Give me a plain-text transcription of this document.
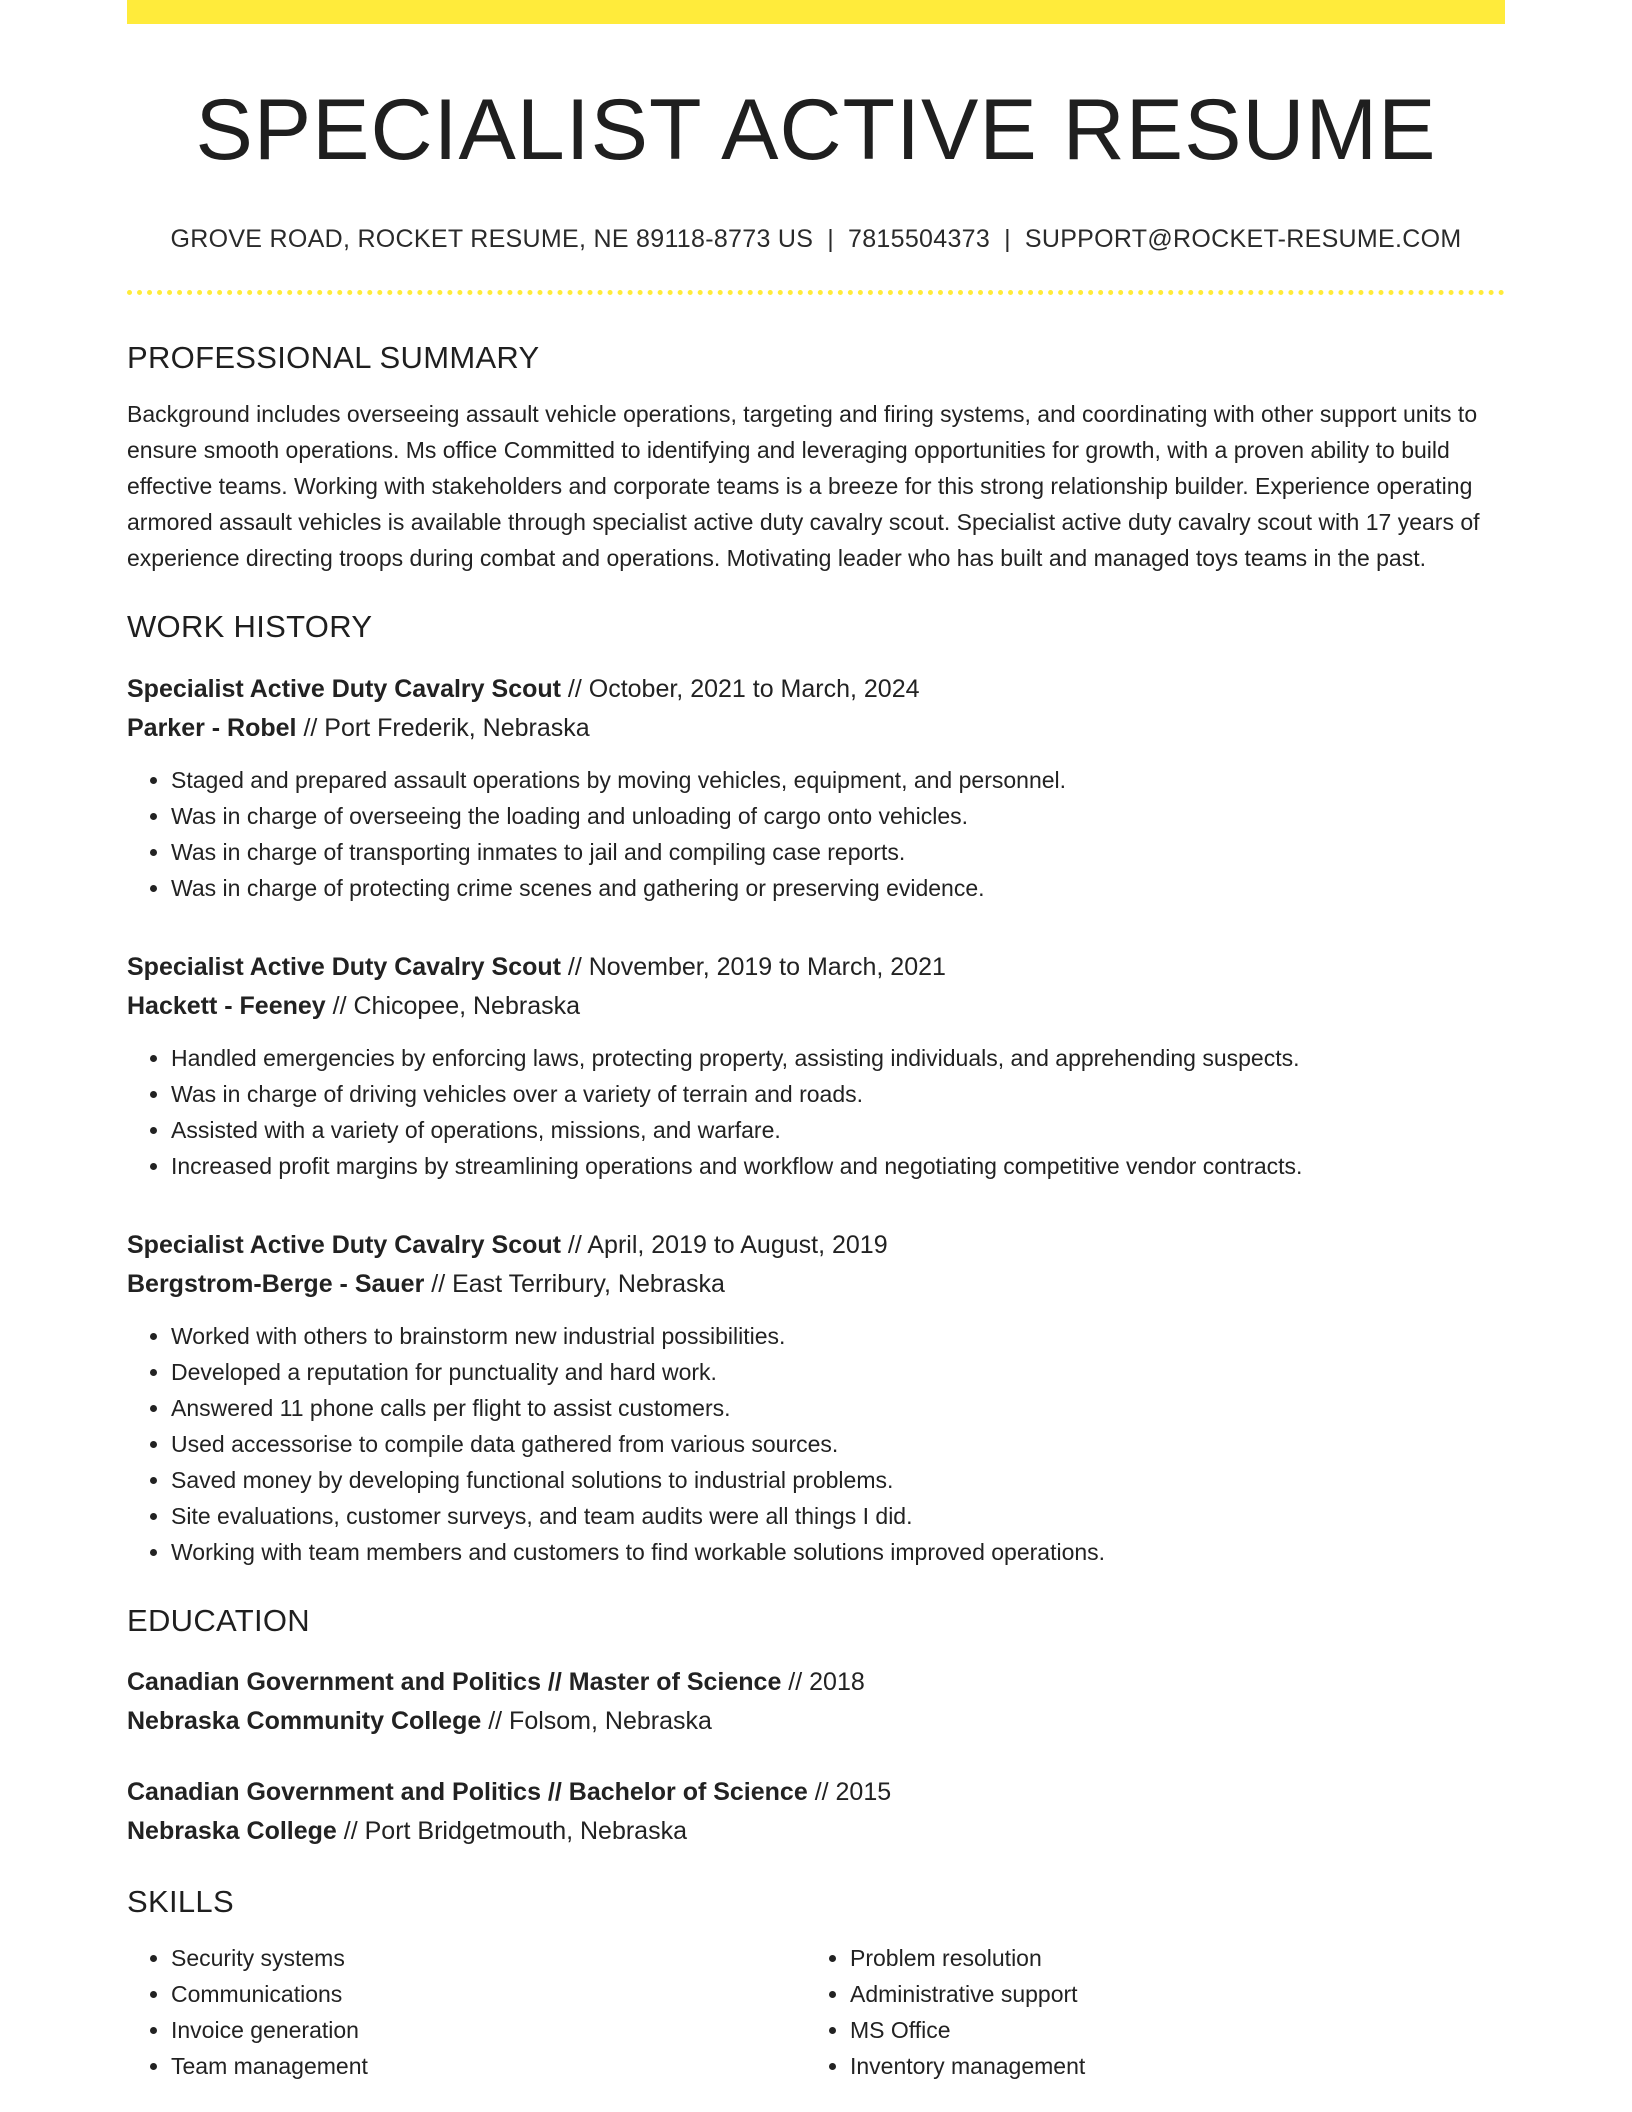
SPECIALIST ACTIVE RESUME
GROVE ROAD, ROCKET RESUME, NE 89118-8773 US | 7815504373 | SUPPORT@ROCKET-RESUME.COM
PROFESSIONAL SUMMARY
Background includes overseeing assault vehicle operations, targeting and firing systems, and coordinating with other support units to ensure smooth operations. Ms office Committed to identifying and leveraging opportunities for growth, with a proven ability to build effective teams. Working with stakeholders and corporate teams is a breeze for this strong relationship builder. Experience operating armored assault vehicles is available through specialist active duty cavalry scout. Specialist active duty cavalry scout with 17 years of experience directing troops during combat and operations. Motivating leader who has built and managed toys teams in the past.
WORK HISTORY
Specialist Active Duty Cavalry Scout // October, 2021 to March, 2024
Parker - Robel // Port Frederik, Nebraska
• Staged and prepared assault operations by moving vehicles, equipment, and personnel.
• Was in charge of overseeing the loading and unloading of cargo onto vehicles.
• Was in charge of transporting inmates to jail and compiling case reports.
• Was in charge of protecting crime scenes and gathering or preserving evidence.
Specialist Active Duty Cavalry Scout // November, 2019 to March, 2021
Hackett - Feeney // Chicopee, Nebraska
• Handled emergencies by enforcing laws, protecting property, assisting individuals, and apprehending suspects.
• Was in charge of driving vehicles over a variety of terrain and roads.
• Assisted with a variety of operations, missions, and warfare.
• Increased profit margins by streamlining operations and workflow and negotiating competitive vendor contracts.
Specialist Active Duty Cavalry Scout // April, 2019 to August, 2019
Bergstrom-Berge - Sauer // East Terribury, Nebraska
• Worked with others to brainstorm new industrial possibilities.
• Developed a reputation for punctuality and hard work.
• Answered 11 phone calls per flight to assist customers.
• Used accessorise to compile data gathered from various sources.
• Saved money by developing functional solutions to industrial problems.
• Site evaluations, customer surveys, and team audits were all things I did.
• Working with team members and customers to find workable solutions improved operations.
EDUCATION
Canadian Government and Politics // Master of Science // 2018
Nebraska Community College // Folsom, Nebraska
Canadian Government and Politics // Bachelor of Science // 2015
Nebraska College // Port Bridgetmouth, Nebraska
SKILLS
• Security systems
• Communications
• Invoice generation
• Team management
• Problem resolution
• Administrative support
• MS Office
• Inventory management
